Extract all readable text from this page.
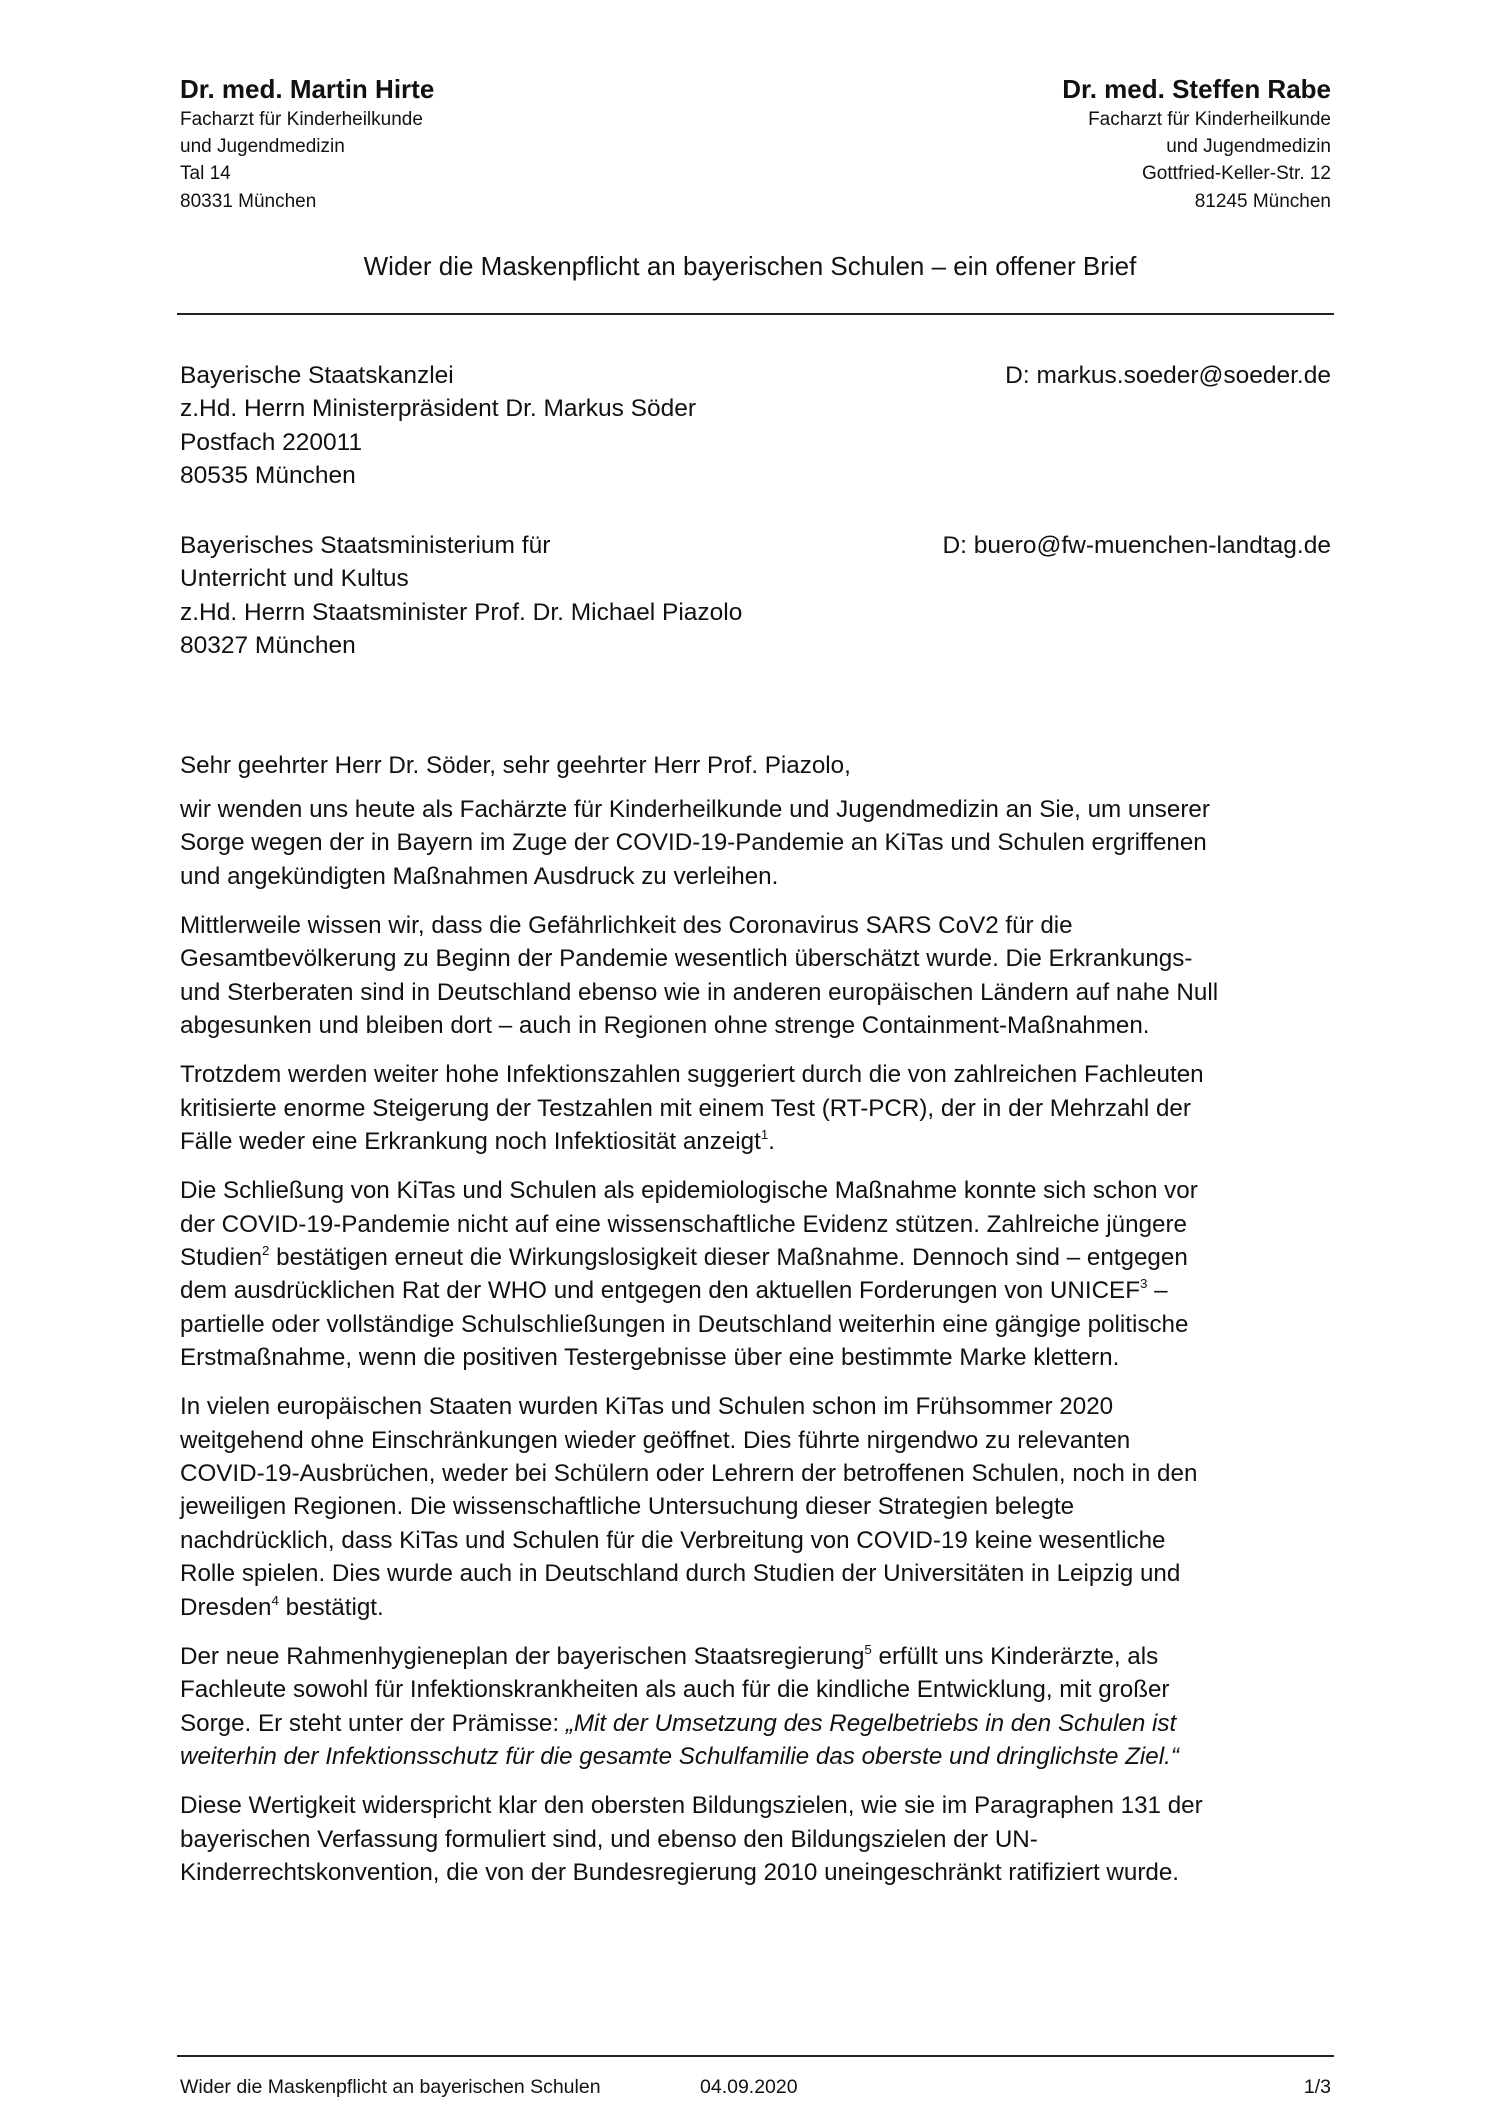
Dr. med. Martin Hirte
Facharzt für Kinderheilkunde
und Jugendmedizin
Tal 14
80331 München
Dr. med. Steffen Rabe
Facharzt für Kinderheilkunde
und Jugendmedizin
Gottfried-Keller-Str. 12
81245 München
Wider die Maskenpflicht an bayerischen Schulen – ein offener Brief
Bayerische Staatskanzlei
z.Hd. Herrn Ministerpräsident Dr. Markus Söder
Postfach 220011
80535 München
D: markus.soeder@soeder.de
Bayerisches Staatsministerium für
Unterricht und Kultus
z.Hd. Herrn Staatsminister Prof. Dr. Michael Piazolo
80327 München
D: buero@fw-muenchen-landtag.de
Sehr geehrter Herr Dr. Söder, sehr geehrter Herr Prof. Piazolo,
wir wenden uns heute als Fachärzte für Kinderheilkunde und Jugendmedizin an Sie, um unserer
Sorge wegen der in Bayern im Zuge der COVID-19-Pandemie an KiTas und Schulen ergriffenen
und angekündigten Maßnahmen Ausdruck zu verleihen.
Mittlerweile wissen wir, dass die Gefährlichkeit des Coronavirus SARS CoV2 für die
Gesamtbevölkerung zu Beginn der Pandemie wesentlich überschätzt wurde. Die Erkrankungs-
und Sterberaten sind in Deutschland ebenso wie in anderen europäischen Ländern auf nahe Null
abgesunken und bleiben dort – auch in Regionen ohne strenge Containment-Maßnahmen.
Trotzdem werden weiter hohe Infektionszahlen suggeriert durch die von zahlreichen Fachleuten
kritisierte enorme Steigerung der Testzahlen mit einem Test (RT-PCR), der in der Mehrzahl der
Fälle weder eine Erkrankung noch Infektiosität anzeigt$^1$.
Die Schließung von KiTas und Schulen als epidemiologische Maßnahme konnte sich schon vor
der COVID-19-Pandemie nicht auf eine wissenschaftliche Evidenz stützen. Zahlreiche jüngere
Studien$^2$ bestätigen erneut die Wirkungslosigkeit dieser Maßnahme. Dennoch sind – entgegen
dem ausdrücklichen Rat der WHO und entgegen den aktuellen Forderungen von UNICEF$^3$ –
partielle oder vollständige Schulschließungen in Deutschland weiterhin eine gängige politische
Erstmaßnahme, wenn die positiven Testergebnisse über eine bestimmte Marke klettern.
In vielen europäischen Staaten wurden KiTas und Schulen schon im Frühsommer 2020
weitgehend ohne Einschränkungen wieder geöffnet. Dies führte nirgendwo zu relevanten
COVID-19-Ausbrüchen, weder bei Schülern oder Lehrern der betroffenen Schulen, noch in den
jeweiligen Regionen. Die wissenschaftliche Untersuchung dieser Strategien belegte
nachdrücklich, dass KiTas und Schulen für die Verbreitung von COVID-19 keine wesentliche
Rolle spielen. Dies wurde auch in Deutschland durch Studien der Universitäten in Leipzig und
Dresden$^4$ bestätigt.
Der neue Rahmenhygieneplan der bayerischen Staatsregierung$^5$ erfüllt uns Kinderärzte, als
Fachleute sowohl für Infektionskrankheiten als auch für die kindliche Entwicklung, mit großer
Sorge. Er steht unter der Prämisse: „Mit der Umsetzung des Regelbetriebs in den Schulen ist
weiterhin der Infektionsschutz für die gesamte Schulfamilie das oberste und dringlichste Ziel.“
Diese Wertigkeit widerspricht klar den obersten Bildungszielen, wie sie im Paragraphen 131 der
bayerischen Verfassung formuliert sind, und ebenso den Bildungszielen der UN-
Kinderrechtskonvention, die von der Bundesregierung 2010 uneingeschränkt ratifiziert wurde.
Wider die Maskenpflicht an bayerischen Schulen	04.09.2020	1/3
